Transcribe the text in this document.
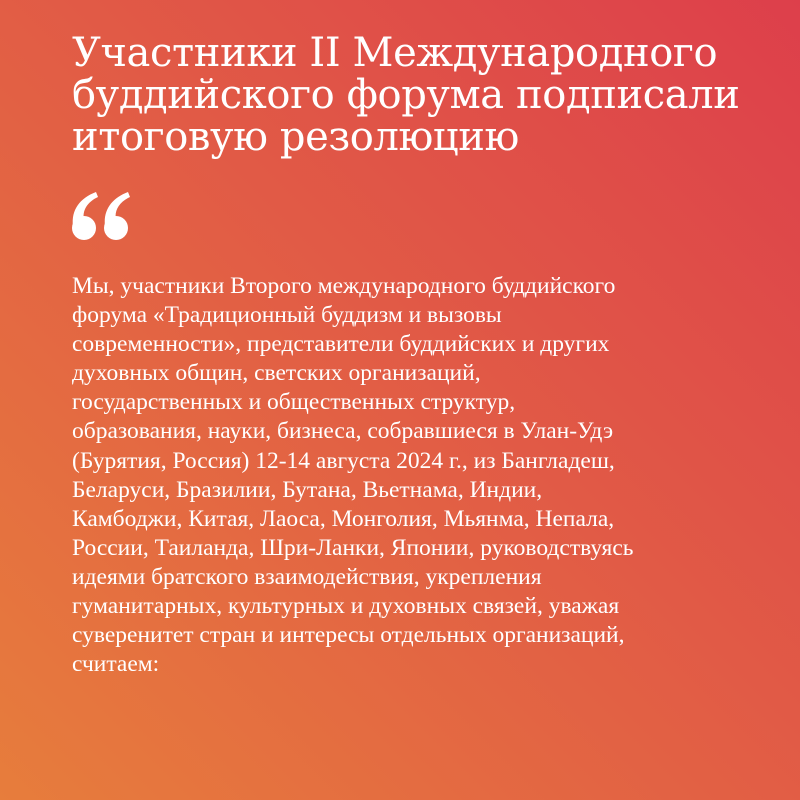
Участники II Международного
буддийского форума подписали
итоговую резолюцию

Мы, участники Второго международного буддийского
форума «Традиционный буддизм и вызовы
современности», представители буддийских и других
духовных общин, светских организаций,
государственных и общественных структур,
образования, науки, бизнеса, собравшиеся в Улан-Удэ
(Бурятия, Россия) 12-14 августа 2024 г., из Бангладеш,
Беларуси, Бразилии, Бутана, Вьетнама, Индии,
Камбоджи, Китая, Лаоса, Монголия, Мьянма, Непала,
России, Таиланда, Шри-Ланки, Японии, руководствуясь
идеями братского взаимодействия, укрепления
гуманитарных, культурных и духовных связей, уважая
суверенитет стран и интересы отдельных организаций,
считаем:
